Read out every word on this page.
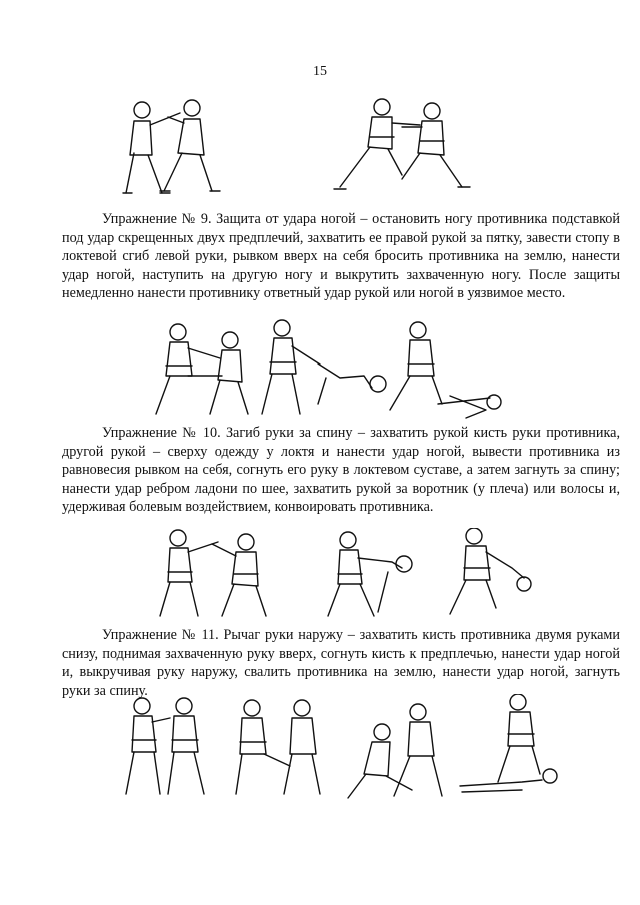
15

Упражнение № 9. Защита от удара ногой – остановить ногу противника подставкой под удар скрещенных двух предплечий, захватить ее правой рукой за пятку, завести стопу в локтевой сгиб левой руки, рывком вверх на себя бросить противника на землю, нанести удар ногой, наступить на другую ногу и выкрутить захваченную ногу. После защиты немедленно нанести противнику ответный удар рукой или ногой в уязвимое место.

Упражнение № 10. Загиб руки за спину – захватить рукой кисть руки противника, другой рукой – сверху одежду у локтя и нанести удар ногой, вывести противника из равновесия рывком на себя, согнуть его руку в локтевом суставе, а затем загнуть за спину; нанести удар ребром ладони по шее, захватить рукой за воротник (у плеча) или волосы и, удерживая болевым воздействием, конвоировать противника.

Упражнение № 11. Рычаг руки наружу – захватить кисть противника двумя руками снизу, поднимая захваченную руку вверх, согнуть кисть к предплечью, нанести удар ногой и, выкручивая руку наружу, свалить противника на землю, нанести удар ногой, загнуть руки за спину.
